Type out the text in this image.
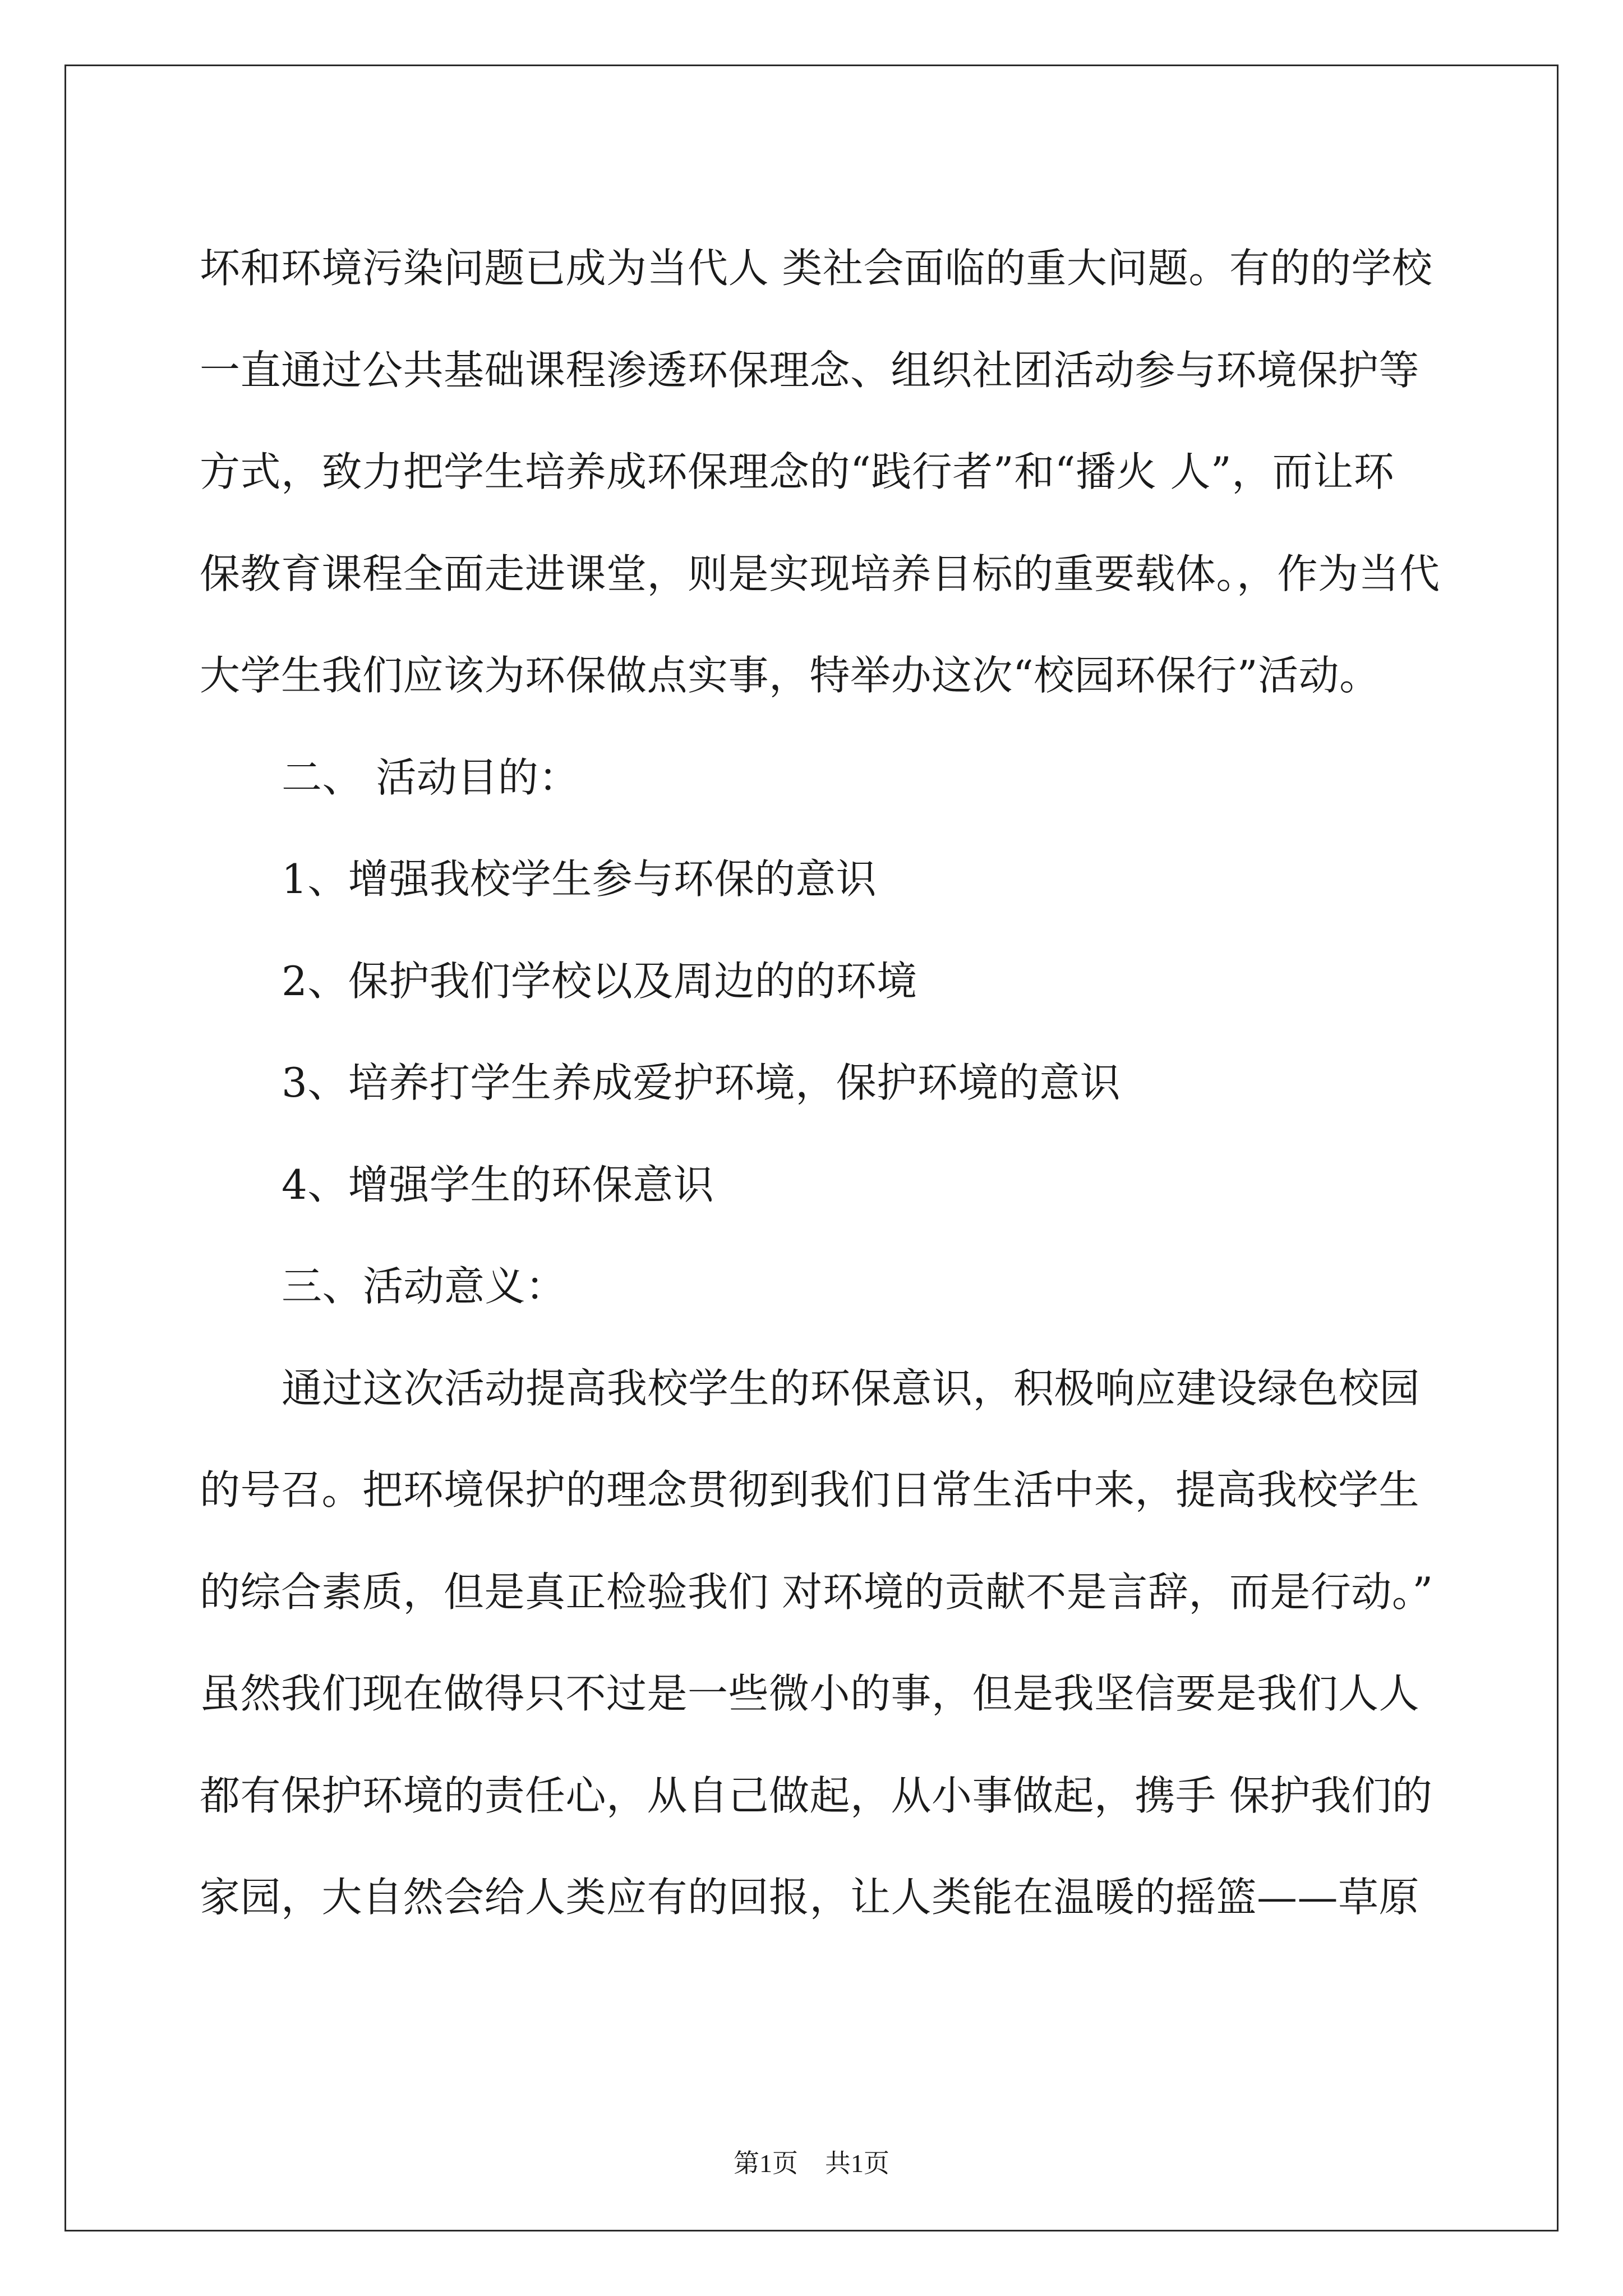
坏和环境污染问题已成为当代人 类社会面临的重大问题。有的的学校
一直通过公共基础课程渗透环保理念、组织社团活动参与环境保护等
方式，致力把学生培养成环保理念的“践行者”和“播火 人”，而让环
保教育课程全面走进课堂，则是实现培养目标的重要载体。，作为当代
大学生我们应该为环保做点实事，特举办这次“校园环保行”活动。
二、 活动目的：
1、增强我校学生参与环保的意识
2、保护我们学校以及周边的的环境
3、培养打学生养成爱护环境，保护环境的意识
4、增强学生的环保意识
三、活动意义：
通过这次活动提高我校学生的环保意识，积极响应建设绿色校园
的号召。把环境保护的理念贯彻到我们日常生活中来，提高我校学生
的综合素质，但是真正检验我们 对环境的贡献不是言辞，而是行动。”
虽然我们现在做得只不过是一些微小的事，但是我坚信要是我们人人
都有保护环境的责任心，从自己做起，从小事做起，携手 保护我们的
家园，大自然会给人类应有的回报，让人类能在温暖的摇篮——草原
第1页 共1页
